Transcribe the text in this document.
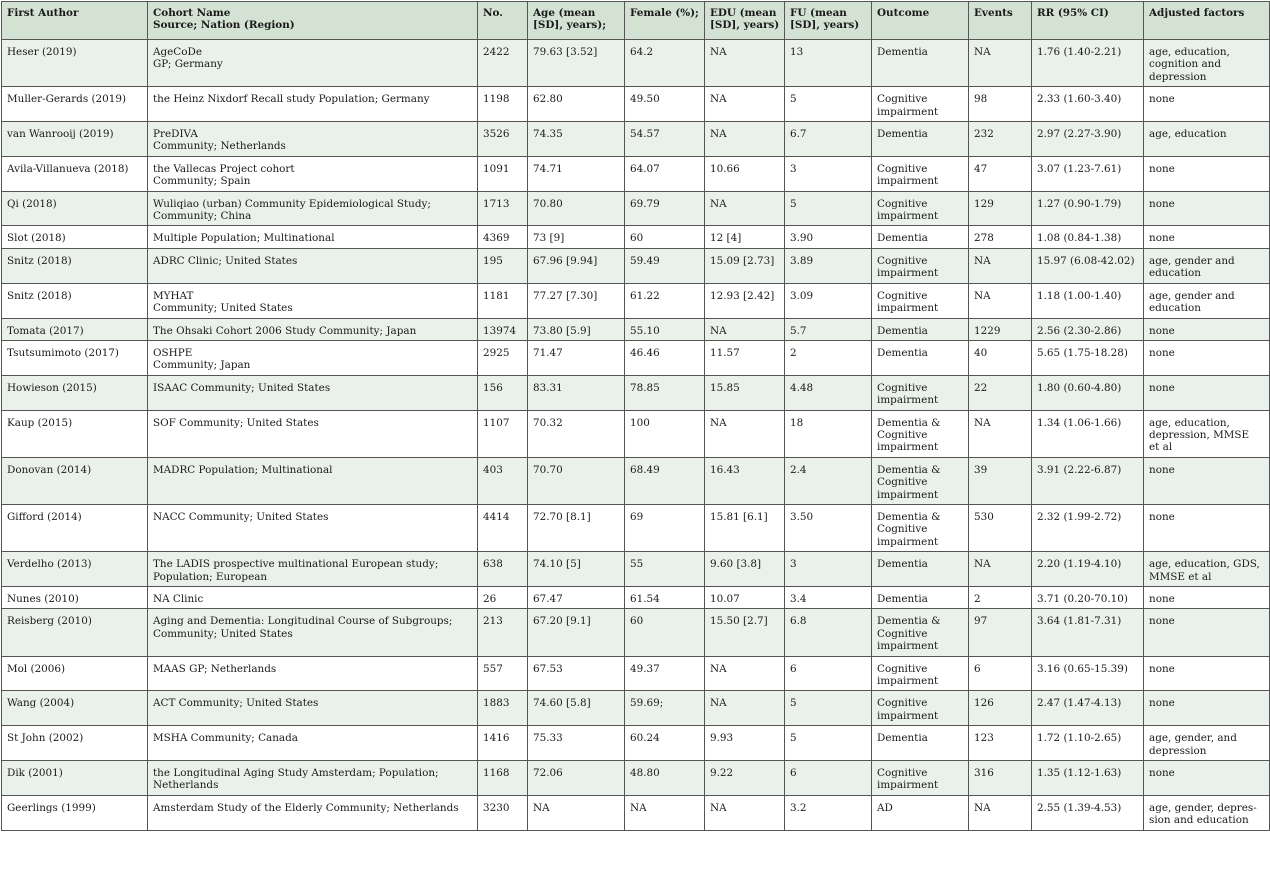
First Author	Cohort Name
Source; Nation (Region)	No.	Age (mean
[SD], years);	Female (%);	EDU (mean
[SD], years)	FU (mean
[SD], years)	Outcome	Events	RR (95% CI)	Adjusted factors

Heser (2019)	AgeCoDe
GP; Germany	2422	79.63 [3.52]	64.2	NA	13	Dementia	NA	1.76 (1.40-2.21)	age, education,
cognition and
depression

Muller-Gerards (2019)	the Heinz Nixdorf Recall study Population; Germany	1198	62.80	49.50	NA	5	Cognitive
impairment	98	2.33 (1.60-3.40)	none

van Wanrooij (2019)	PreDIVA
Community; Netherlands	3526	74.35	54.57	NA	6.7	Dementia	232	2.97 (2.27-3.90)	age, education

Avila-Villanueva (2018)	the Vallecas Project cohort
Community; Spain	1091	74.71	64.07	10.66	3	Cognitive
impairment	47	3.07 (1.23-7.61)	none

Qi (2018)	Wuliqiao (urban) Community Epidemiological Study;
Community; China	1713	70.80	69.79	NA	5	Cognitive
impairment	129	1.27 (0.90-1.79)	none

Slot (2018)	Multiple Population; Multinational	4369	73 [9]	60	12 [4]	3.90	Dementia	278	1.08 (0.84-1.38)	none

Snitz (2018)	ADRC Clinic; United States	195	67.96 [9.94]	59.49	15.09 [2.73]	3.89	Cognitive
impairment	NA	15.97 (6.08-42.02)	age, gender and
education

Snitz (2018)	MYHAT
Community; United States	1181	77.27 [7.30]	61.22	12.93 [2.42]	3.09	Cognitive
impairment	NA	1.18 (1.00-1.40)	age, gender and
education

Tomata (2017)	The Ohsaki Cohort 2006 Study Community; Japan	13974	73.80 [5.9]	55.10	NA	5.7	Dementia	1229	2.56 (2.30-2.86)	none

Tsutsumimoto (2017)	OSHPE
Community; Japan	2925	71.47	46.46	11.57	2	Dementia	40	5.65 (1.75-18.28)	none

Howieson (2015)	ISAAC Community; United States	156	83.31	78.85	15.85	4.48	Cognitive
impairment	22	1.80 (0.60-4.80)	none

Kaup (2015)	SOF Community; United States	1107	70.32	100	NA	18	Dementia &
Cognitive
impairment	NA	1.34 (1.06-1.66)	age, education,
depression, MMSE
et al

Donovan (2014)	MADRC Population; Multinational	403	70.70	68.49	16.43	2.4	Dementia &
Cognitive
impairment	39	3.91 (2.22-6.87)	none

Gifford (2014)	NACC Community; United States	4414	72.70 [8.1]	69	15.81 [6.1]	3.50	Dementia &
Cognitive
impairment	530	2.32 (1.99-2.72)	none

Verdelho (2013)	The LADIS prospective multinational European study;
Population; European	638	74.10 [5]	55	9.60 [3.8]	3	Dementia	NA	2.20 (1.19-4.10)	age, education, GDS,
MMSE et al

Nunes (2010)	NA Clinic	26	67.47	61.54	10.07	3.4	Dementia	2	3.71 (0.20-70.10)	none

Reisberg (2010)	Aging and Dementia: Longitudinal Course of Subgroups;
Community; United States	213	67.20 [9.1]	60	15.50 [2.7]	6.8	Dementia &
Cognitive
impairment	97	3.64 (1.81-7.31)	none

Mol (2006)	MAAS GP; Netherlands	557	67.53	49.37	NA	6	Cognitive
impairment	6	3.16 (0.65-15.39)	none

Wang (2004)	ACT Community; United States	1883	74.60 [5.8]	59.69;	NA	5	Cognitive
impairment	126	2.47 (1.47-4.13)	none

St John (2002)	MSHA Community; Canada	1416	75.33	60.24	9.93	5	Dementia	123	1.72 (1.10-2.65)	age, gender, and
depression

Dik (2001)	the Longitudinal Aging Study Amsterdam; Population;
Netherlands	1168	72.06	48.80	9.22	6	Cognitive
impairment	316	1.35 (1.12-1.63)	none

Geerlings (1999)	Amsterdam Study of the Elderly Community; Netherlands	3230	NA	NA	NA	3.2	AD	NA	2.55 (1.39-4.53)	age, gender, depres-
sion and education
